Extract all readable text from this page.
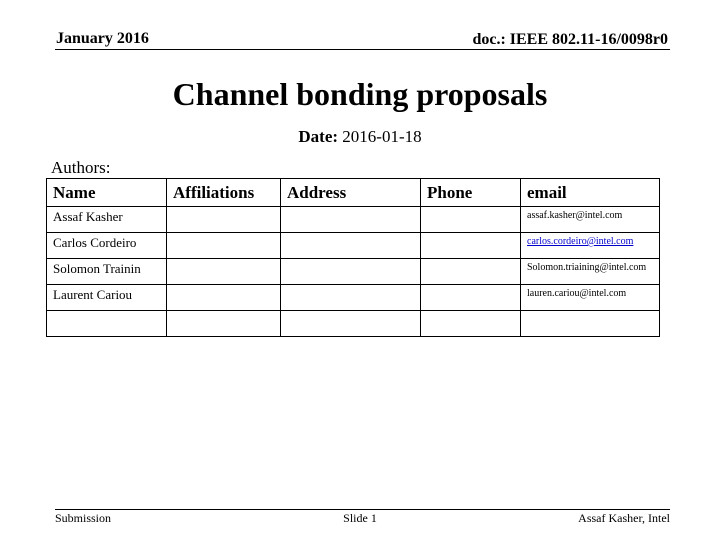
January 2016	doc.: IEEE 802.11-16/0098r0
Channel bonding proposals
Date: 2016-01-18
Authors:
Name	Affiliations	Address	Phone	email
Assaf Kasher				assaf.kasher@intel.com
Carlos Cordeiro				carlos.cordeiro@intel.com
Solomon Trainin				Solomon.triaining@intel.com
Laurent Cariou				lauren.cariou@intel.com

Submission	Slide 1	Assaf Kasher, Intel
